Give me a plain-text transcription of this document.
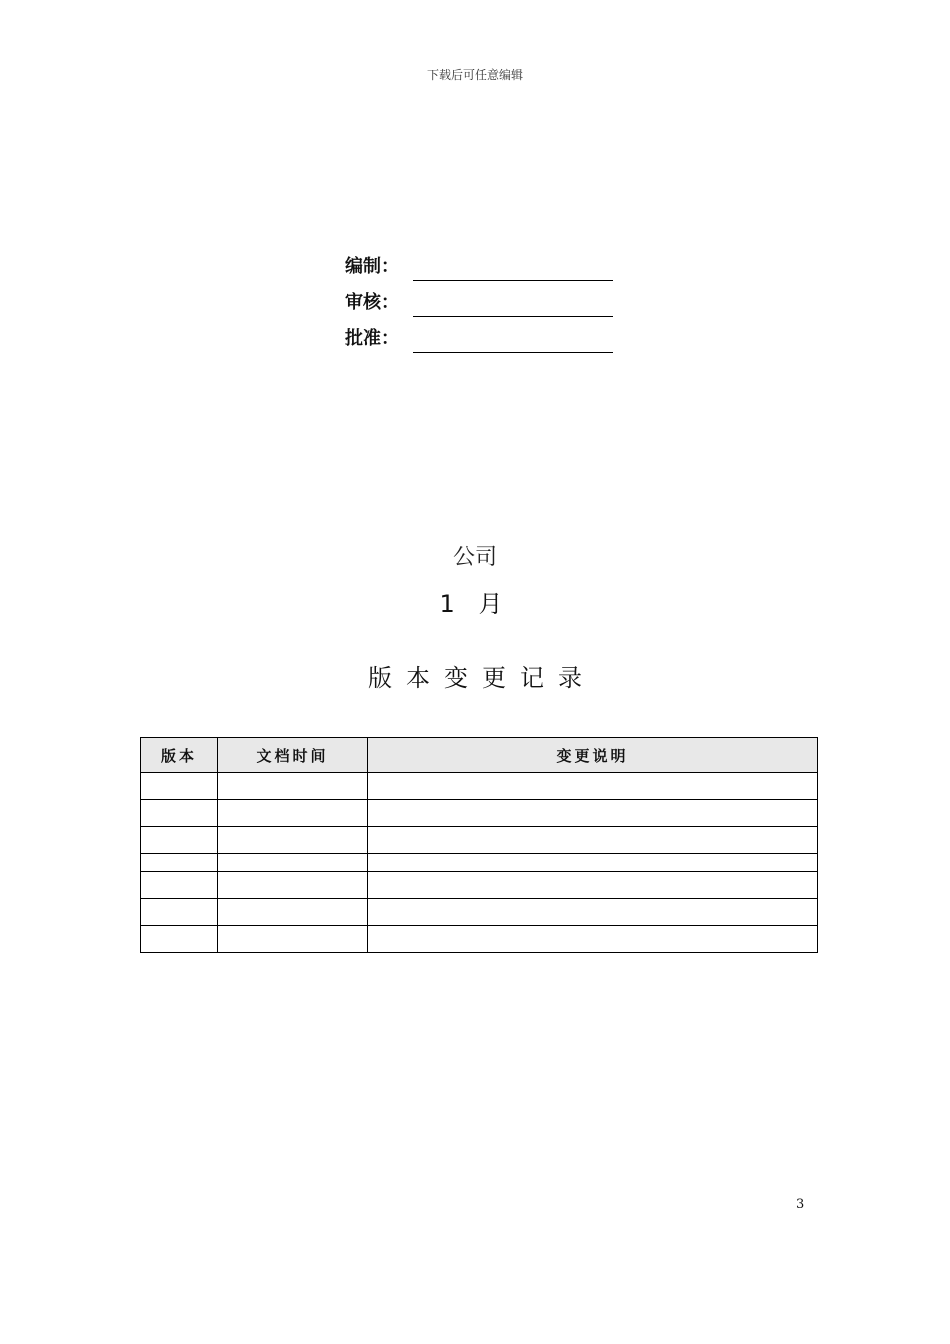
下载后可任意编辑
编制：
审核：
批准：
公司
1 月
版本变更记录
版本	文档时间	变更说明

3
